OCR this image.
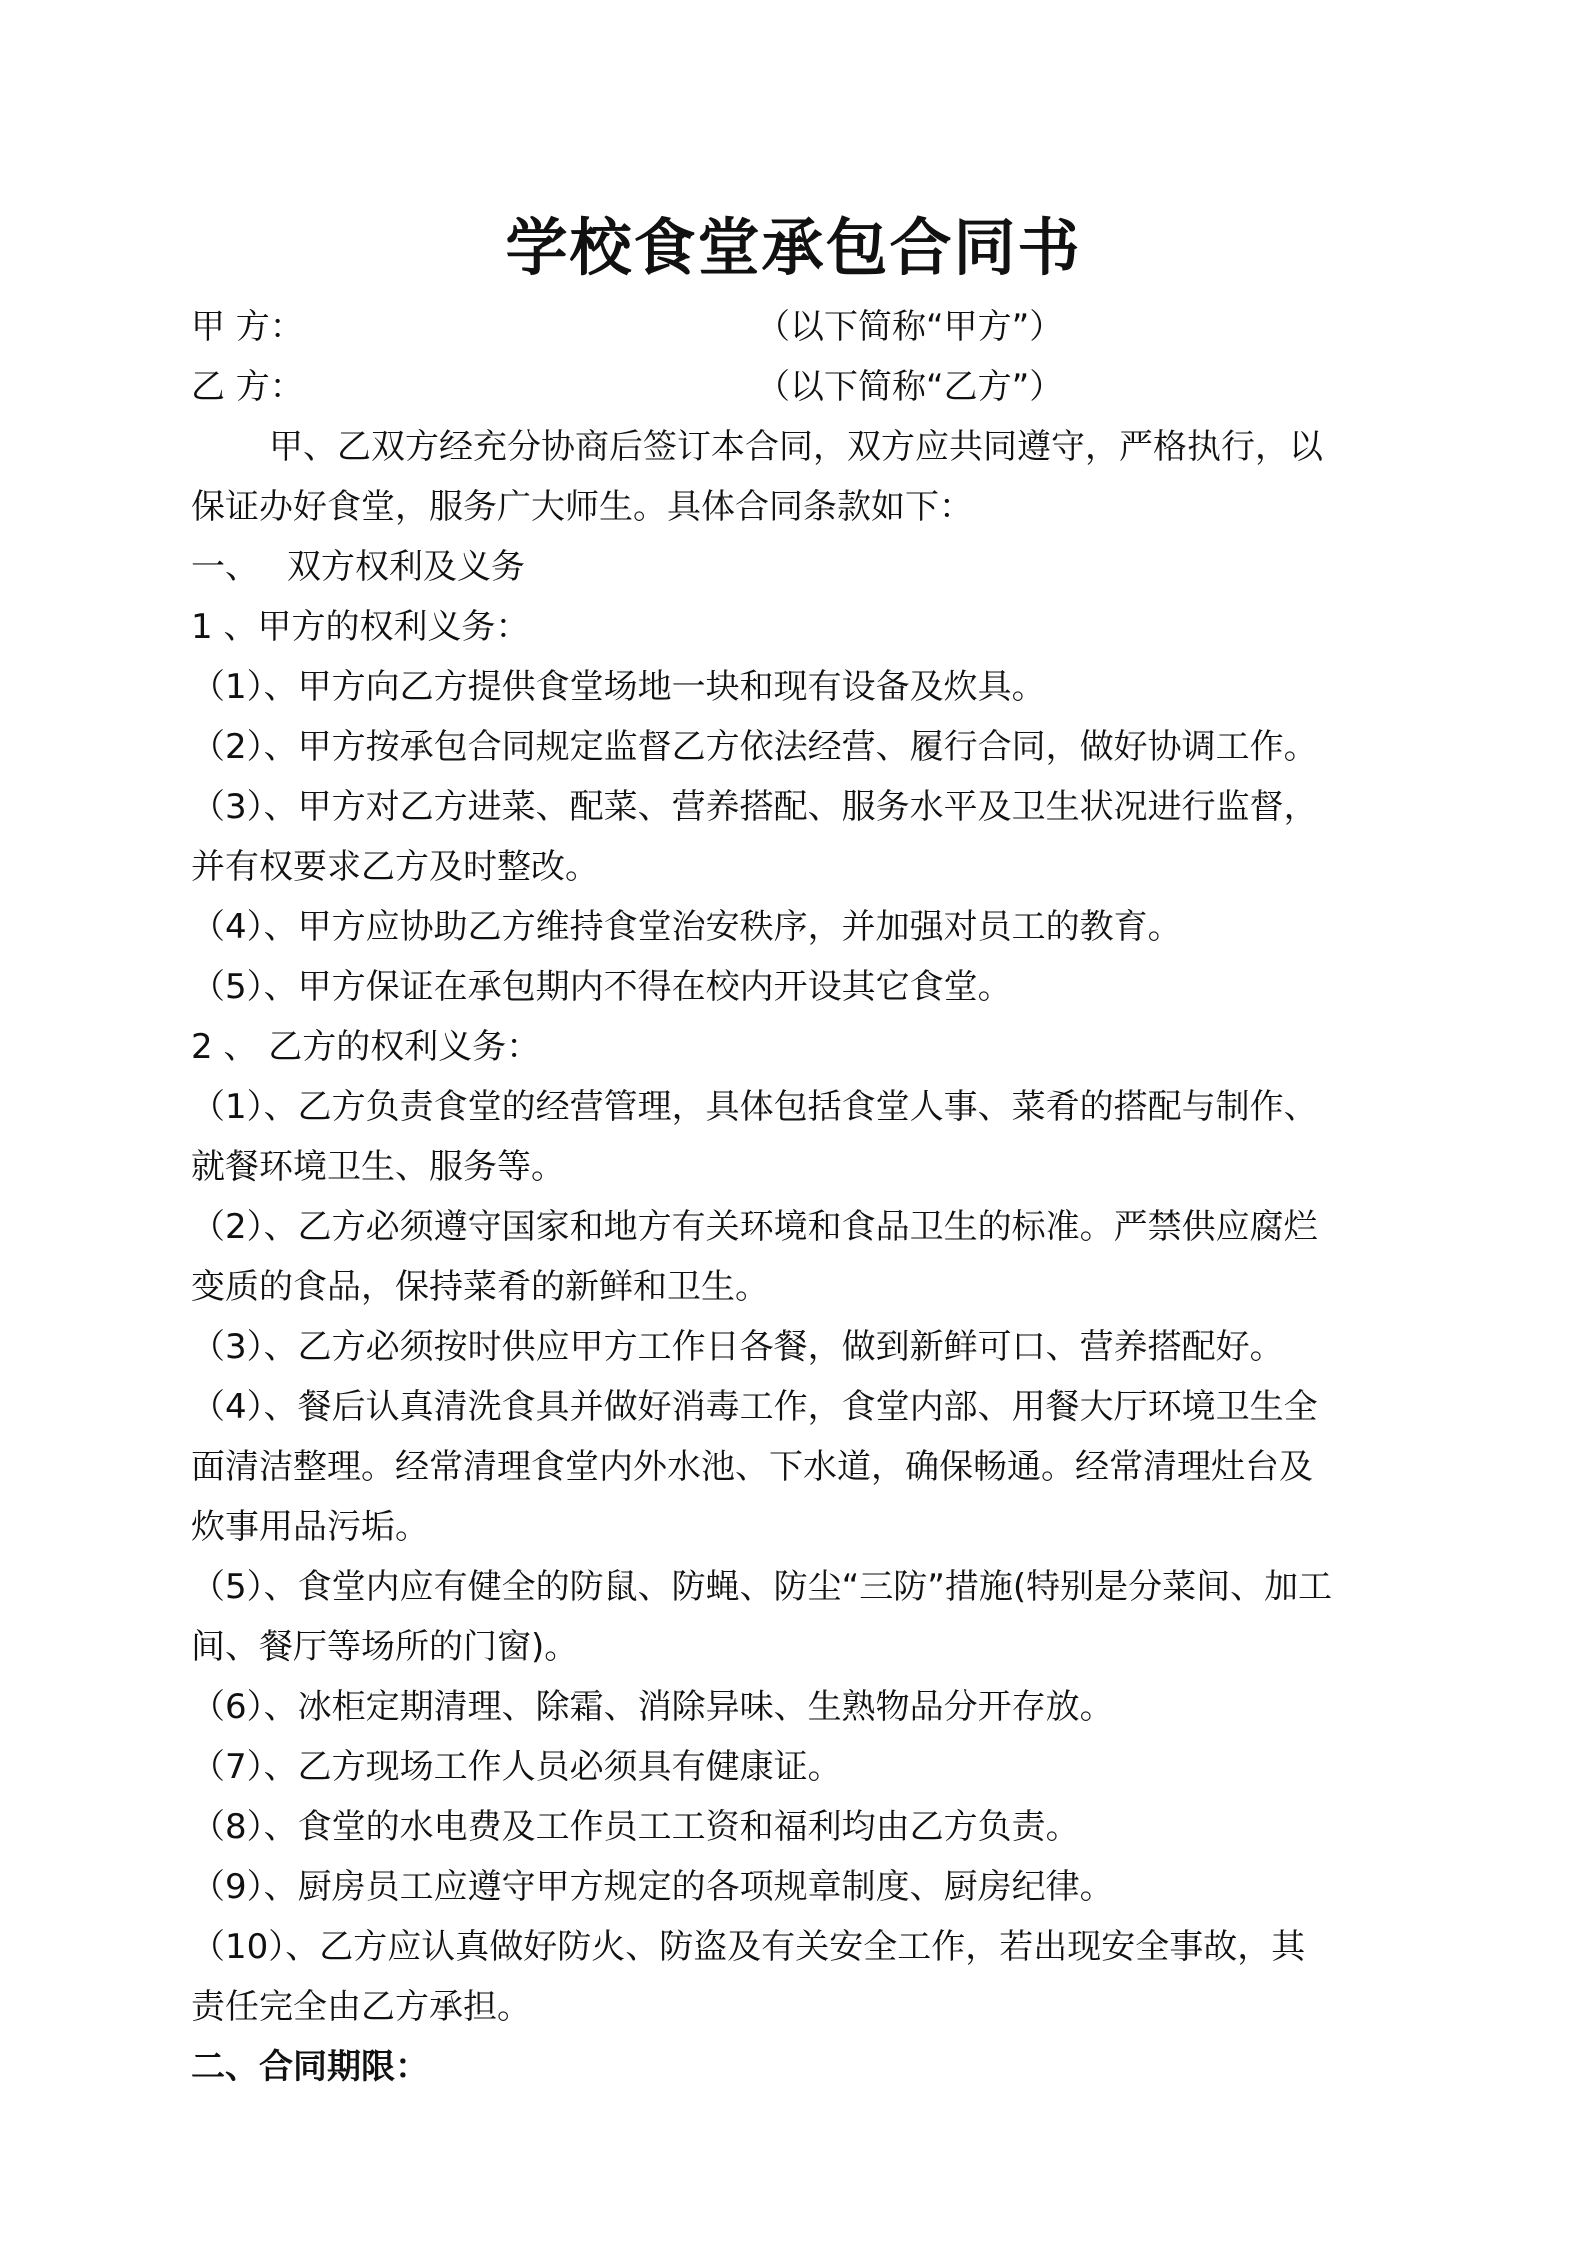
学校食堂承包合同书
甲 方：	（以下简称“甲方”）
乙 方：	（以下简称“乙方”）
甲、乙双方经充分协商后签订本合同，双方应共同遵守，严格执行，以
保证办好食堂，服务广大师生。具体合同条款如下：
一、 双方权利及义务
1 、甲方的权利义务：
（1）、甲方向乙方提供食堂场地一块和现有设备及炊具。
（2）、甲方按承包合同规定监督乙方依法经营、履行合同，做好协调工作。
（3）、甲方对乙方进菜、配菜、营养搭配、服务水平及卫生状况进行监督，
并有权要求乙方及时整改。
（4）、甲方应协助乙方维持食堂治安秩序，并加强对员工的教育。
（5）、甲方保证在承包期内不得在校内开设其它食堂。
2 、 乙方的权利义务：
（1）、乙方负责食堂的经营管理，具体包括食堂人事、菜肴的搭配与制作、
就餐环境卫生、服务等。
（2）、乙方必须遵守国家和地方有关环境和食品卫生的标准。严禁供应腐烂
变质的食品，保持菜肴的新鲜和卫生。
（3）、乙方必须按时供应甲方工作日各餐，做到新鲜可口、营养搭配好。
（4）、餐后认真清洗食具并做好消毒工作，食堂内部、用餐大厅环境卫生全
面清洁整理。经常清理食堂内外水池、下水道，确保畅通。经常清理灶台及
炊事用品污垢。
（5）、食堂内应有健全的防鼠、防蝇、防尘“三防”措施(特别是分菜间、加工
间、餐厅等场所的门窗)。
（6）、冰柜定期清理、除霜、消除异味、生熟物品分开存放。
（7）、乙方现场工作人员必须具有健康证。
（8）、食堂的水电费及工作员工工资和福利均由乙方负责。
（9）、厨房员工应遵守甲方规定的各项规章制度、厨房纪律。
（10）、乙方应认真做好防火、防盗及有关安全工作，若出现安全事故，其
责任完全由乙方承担。
二、合同期限：
